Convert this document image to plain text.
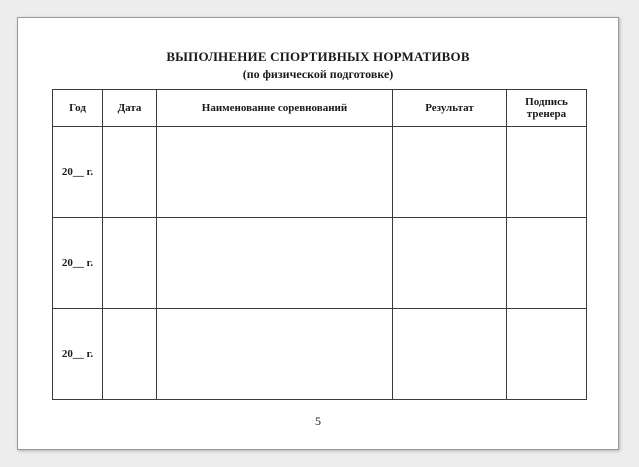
ВЫПОЛНЕНИЕ СПОРТИВНЫХ НОРМАТИВОВ
(по физической подготовке)
Год	Дата	Наименование соревнований	Результат	Подпись
тренера
20__ г.				
20__ г.				
20__ г.				
5
